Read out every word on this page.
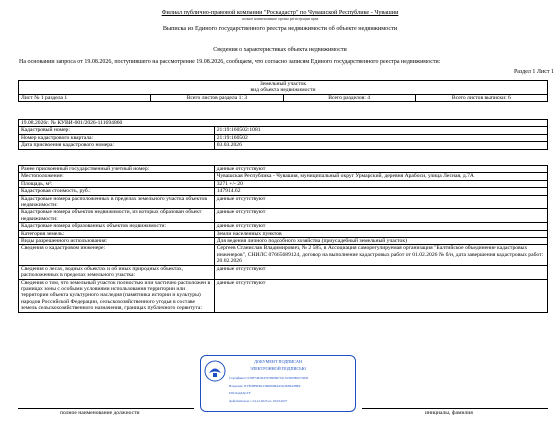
Филиал публично-правовой компании "Роскадастр" по Чувашской Республике - Чувашии
полное наименование органа регистрации прав
Выписка из Единого государственного реестра недвижимости об объекте недвижимости
Сведения о характеристиках объекта недвижимости
На основании запроса от 19.08.2026, поступившего на рассмотрение 19.08.2026, сообщаем, что согласно записям Единого государственного реестра недвижимости:
Раздел 1 Лист 1
Земельный участок
вид объекта недвижимости

Лист № 1 раздела 1	Всего листов раздела 1: 3	Всего разделов: 4	Всего листов выписки: 6
19.08.2026г. № КУВИ-001/2026-111694860	
Кадастровый номер:	21:19:160502:1081
Номер кадастрового квартала:	21:19:160502
Дата присвоения кадастрового номера:	03.03.2026
Ранее присвоенный государственный учетный номер:	данные отсутствуют
Местоположение:	Чувашская Республика - Чувашия, муниципальный округ Урмарский, деревня Арабоси, улица Лесная, д.7А
Площадь, м²:	3271 +/- 20
Кадастровая стоимость, руб.:	147914.62
Кадастровые номера расположенных в пределах земельного участка объектов недвижимости:	данные отсутствуют
Кадастровые номера объектов недвижимости, из которых образован объект недвижимости:	данные отсутствуют
Кадастровые номера образованных объектов недвижимости:	данные отсутствуют
Категория земель:	Земли населенных пунктов
Виды разрешенного использования:	Для ведения личного подсобного хозяйства (приусадебный земельный участок)
Сведения о кадастровом инженере:	Сергеев Станислав Владимирович, № 2 585, в Ассоциация саморегулируемая организация "Балтийское объединение кадастровых инженеров", СНИЛС 07665689124, договор на выполнение кадастровых работ от 01.02.2026 № б/н, дата завершения кадастровых работ: 20.02.2026
Сведения о лесах, водных объектах и об иных природных объектах, расположенных в пределах земельного участка:	данные отсутствуют
Сведения о том, что земельный участок полностью или частично расположен в границах зоны с особыми условиями использования территории или территории объекта культурного наследия (памятника истории и культуры) народов Российской Федерации, сельскохозяйственного угодья в составе земель сельскохозяйственного назначения, границах публичного сервитута:	данные отсутствуют
ДОКУМЕНТ ПОДПИСАН
ЭЛЕКТРОННОЙ ПОДПИСЬЮ
Сертификат: 039F7481D4797098697521355000B1075845
Владелец: ПУБЛИЧНО-ПРАВОВАЯ КОМПАНИЯ
РОСКАДАСТР
Действителен: с 24.12.2025 по 19.03.2027
полное наименование должности	инициалы, фамилия
